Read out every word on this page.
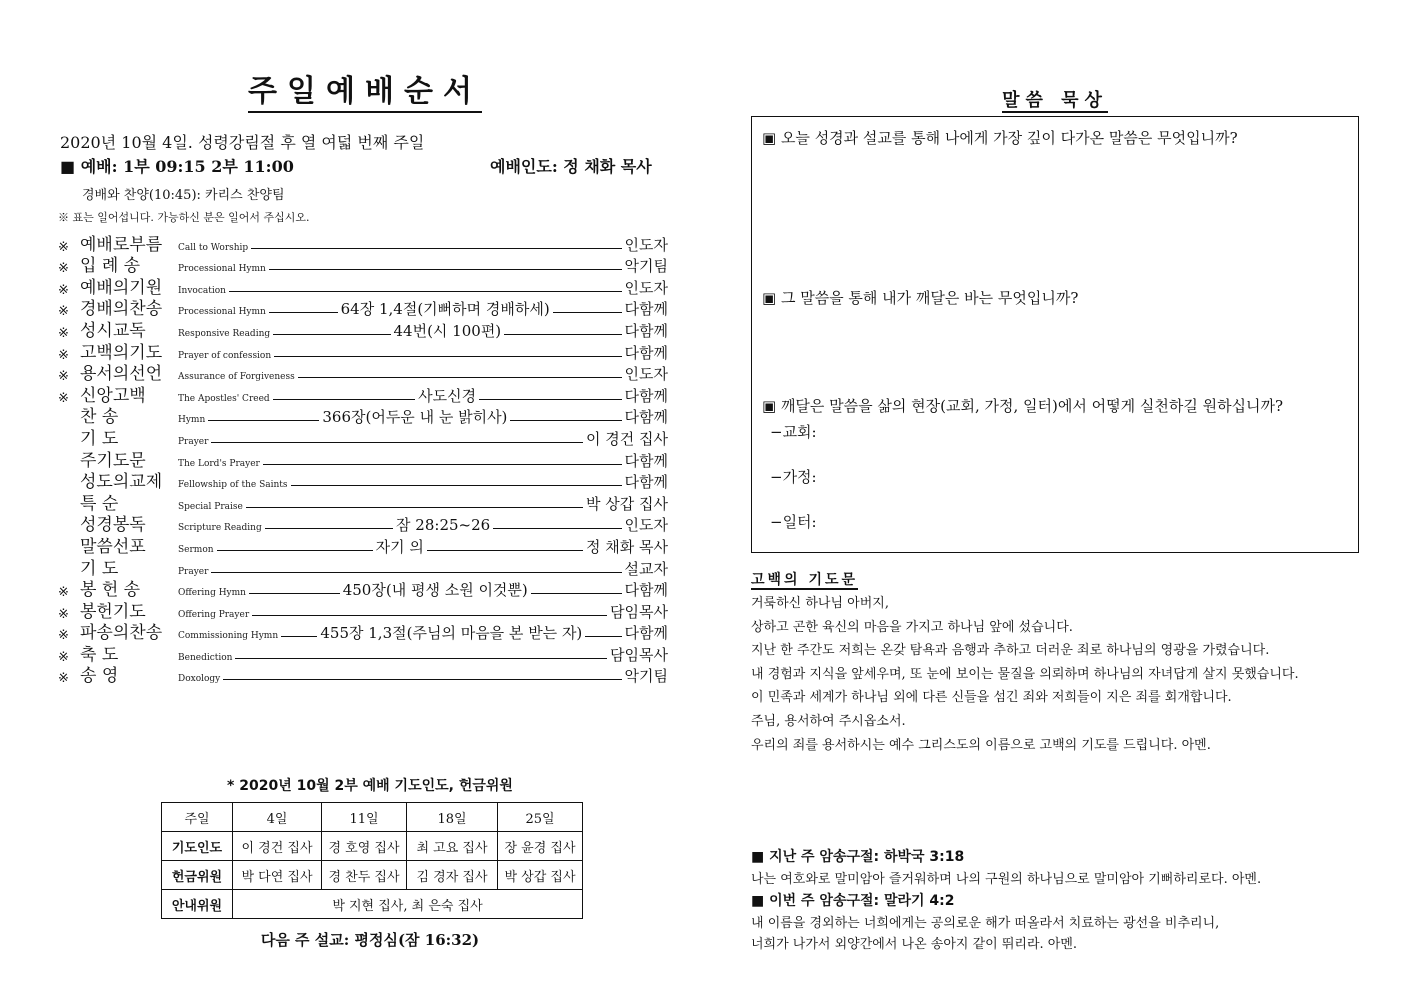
주일예배순서
2020년 10월 4일. 성령강림절 후 열 여덟 번째 주일
■ 예배: 1부 09:15 2부 11:00	예배인도: 정 채화 목사
경배와 찬양(10:45): 카리스 찬양팀
※ 표는 일어섭니다. 가능하신 분은 일어서 주십시오.
※ 예배로부름	Call to Worship	인도자
※ 입 례 송	Processional Hymn	악기팀
※ 예배의기원	Invocation	인도자
※ 경배의찬송	Processional Hymn	64장 1,4절(기뻐하며 경배하세)	다함께
※ 성시교독	Responsive Reading	44번(시 100편)	다함께
※ 고백의기도	Prayer of confession	다함께
※ 용서의선언	Assurance of Forgiveness	인도자
※ 신앙고백	The Apostles' Creed	사도신경	다함께
찬 송	Hymn	366장(어두운 내 눈 밝히사)	다함께
기 도	Prayer	이 경건 집사
주기도문	The Lord's Prayer	다함께
성도의교제	Fellowship of the Saints	다함께
특 순	Special Praise	박 상갑 집사
성경봉독	Scripture Reading	잠 28:25~26	인도자
말씀선포	Sermon	자기 의	정 채화 목사
기 도	Prayer	설교자
※ 봉 헌 송	Offering Hymn	450장(내 평생 소원 이것뿐)	다함께
※ 봉헌기도	Offering Prayer	담임목사
※ 파송의찬송	Commissioning Hymn	455장 1,3절(주님의 마음을 본 받는 자)	다함께
※ 축 도	Benediction	담임목사
※ 송 영	Doxology	악기팀
* 2020년 10월 2부 예배 기도인도, 헌금위원
주일	4일	11일	18일	25일
기도인도	이 경건 집사	경 호영 집사	최 고요 집사	장 윤경 집사
헌금위원	박 다연 집사	경 찬두 집사	김 경자 집사	박 상갑 집사
안내위원	박 지현 집사, 최 은숙 집사			
다음 주 설교: 평정심(잠 16:32)
말씀 묵상
▣ 오늘 성경과 설교를 통해 나에게 가장 깊이 다가온 말씀은 무엇입니까?
▣ 그 말씀을 통해 내가 깨달은 바는 무엇입니까?
▣ 깨달은 말씀을 삶의 현장(교회, 가정, 일터)에서 어떻게 실천하길 원하십니까?
−교회:
−가정:
−일터:
고백의 기도문
거룩하신 하나님 아버지,
상하고 곤한 육신의 마음을 가지고 하나님 앞에 섰습니다.
지난 한 주간도 저희는 온갖 탐욕과 음행과 추하고 더러운 죄로 하나님의 영광을 가렸습니다.
내 경험과 지식을 앞세우며, 또 눈에 보이는 물질을 의뢰하며 하나님의 자녀답게 살지 못했습니다.
이 민족과 세계가 하나님 외에 다른 신들을 섬긴 죄와 저희들이 지은 죄를 회개합니다.
주님, 용서하여 주시옵소서.
우리의 죄를 용서하시는 예수 그리스도의 이름으로 고백의 기도를 드립니다. 아멘.
■ 지난 주 암송구절: 하박국 3:18
나는 여호와로 말미암아 즐거워하며 나의 구원의 하나님으로 말미암아 기뻐하리로다. 아멘.
■ 이번 주 암송구절: 말라기 4:2
내 이름을 경외하는 너희에게는 공의로운 해가 떠올라서 치료하는 광선을 비추리니,
너희가 나가서 외양간에서 나온 송아지 같이 뛰리라. 아멘.
